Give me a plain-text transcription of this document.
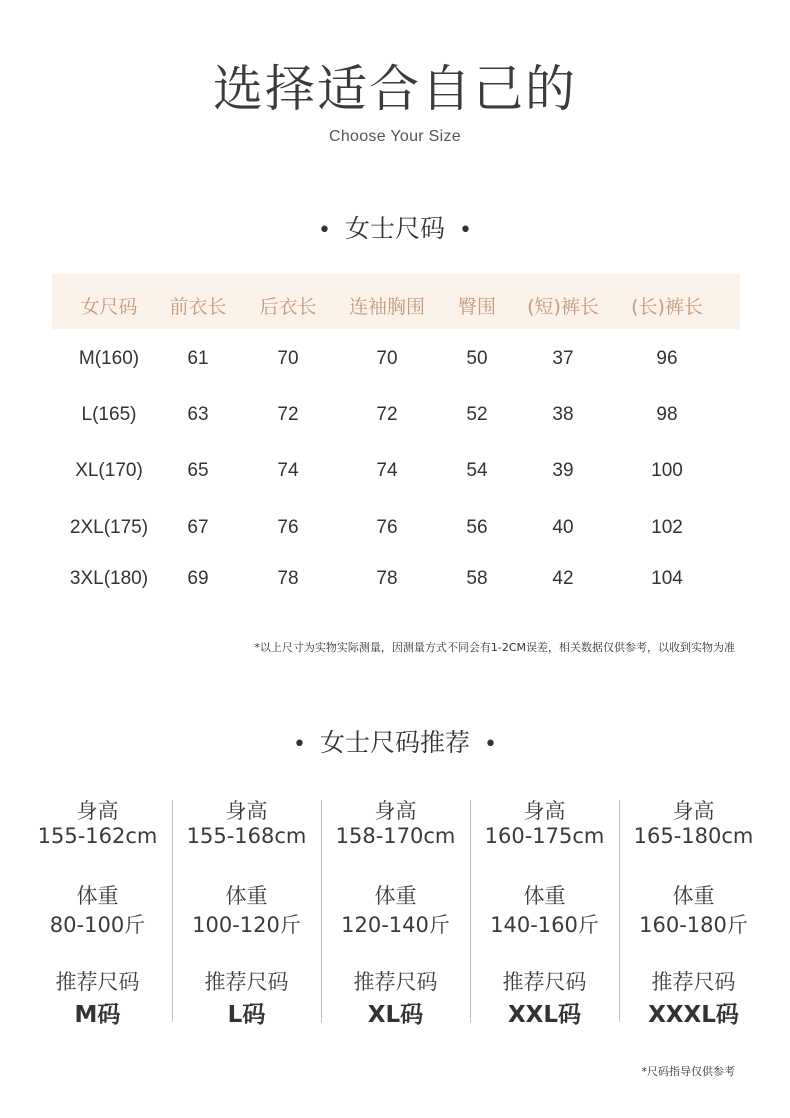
选择适合自己的
Choose Your Size
• 女士尺码 •
女尺码 前衣长 后衣长 连袖胸围 臀围 (短)裤长 (长)裤长
M(160)	61	70	70	50	37	96
L(165)	63	72	72	52	38	98
XL(170) 65	74	74	54	39	100
2XL(175) 67	76	76	56	40	102
3XL(180) 69	78	78	58	42	104
*以上尺寸为实物实际测量，因测量方式不同会有1-2CM误差，相关数据仅供参考，以收到实物为准
• 女士尺码推荐 •
身高
155-162cm
体重
80-100斤
推荐尺码
M码
身高
155-168cm
体重
100-120斤
推荐尺码
L码
身高
158-170cm
体重
120-140斤
推荐尺码
XL码
身高
160-175cm
体重
140-160斤
推荐尺码
XXL码
身高
165-180cm
体重
160-180斤
推荐尺码
XXXL码
*尺码指导仅供参考
